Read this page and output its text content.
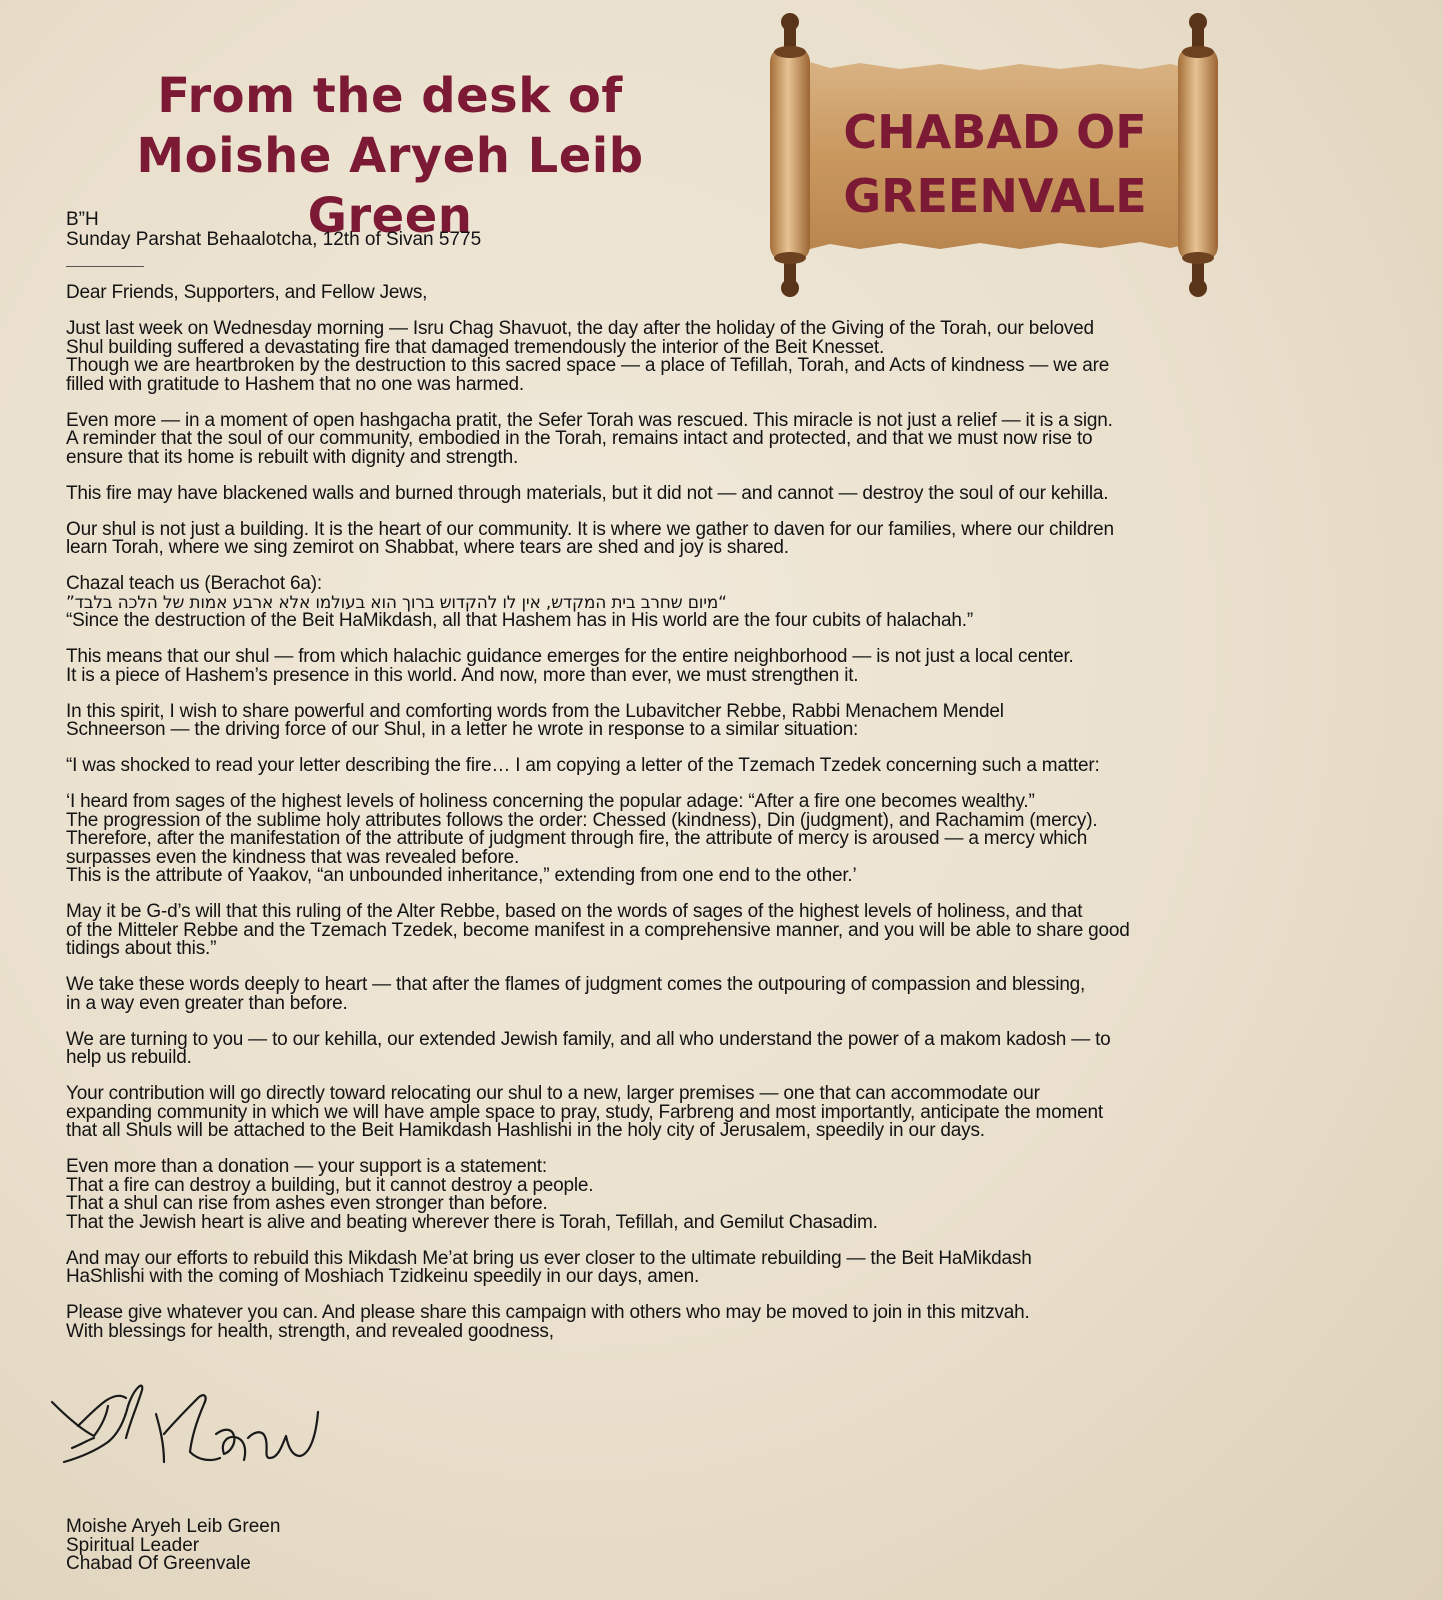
From the desk of
Moishe Aryeh Leib Green
CHABAD OF
GREENVALE
B”H
Sunday Parshat Behaalotcha, 12th of Sivan 5775

Dear Friends, Supporters, and Fellow Jews,

Just last week on Wednesday morning — Isru Chag Shavuot, the day after the holiday of the Giving of the Torah, our beloved
Shul building suffered a devastating fire that damaged tremendously the interior of the Beit Knesset.
Though we are heartbroken by the destruction to this sacred space — a place of Tefillah, Torah, and Acts of kindness — we are
filled with gratitude to Hashem that no one was harmed.

Even more — in a moment of open hashgacha pratit, the Sefer Torah was rescued. This miracle is not just a relief — it is a sign.
A reminder that the soul of our community, embodied in the Torah, remains intact and protected, and that we must now rise to
ensure that its home is rebuilt with dignity and strength.

This fire may have blackened walls and burned through materials, but it did not — and cannot — destroy the soul of our kehilla.

Our shul is not just a building. It is the heart of our community. It is where we gather to daven for our families, where our children
learn Torah, where we sing zemirot on Shabbat, where tears are shed and joy is shared.

Chazal teach us (Berachot 6a):
”מיום שחרב בית המקדש, אין לו להקדוש ברוך הוא בעולמו אלא ארבע אמות של הלכה בלבד“
“Since the destruction of the Beit HaMikdash, all that Hashem has in His world are the four cubits of halachah.”

This means that our shul — from which halachic guidance emerges for the entire neighborhood — is not just a local center.
It is a piece of Hashem’s presence in this world. And now, more than ever, we must strengthen it.

In this spirit, I wish to share powerful and comforting words from the Lubavitcher Rebbe, Rabbi Menachem Mendel
Schneerson — the driving force of our Shul, in a letter he wrote in response to a similar situation:

“I was shocked to read your letter describing the fire… I am copying a letter of the Tzemach Tzedek concerning such a matter:

‘I heard from sages of the highest levels of holiness concerning the popular adage: “After a fire one becomes wealthy.”
The progression of the sublime holy attributes follows the order: Chessed (kindness), Din (judgment), and Rachamim (mercy).
Therefore, after the manifestation of the attribute of judgment through fire, the attribute of mercy is aroused — a mercy which
surpasses even the kindness that was revealed before.
This is the attribute of Yaakov, “an unbounded inheritance,” extending from one end to the other.’

May it be G-d’s will that this ruling of the Alter Rebbe, based on the words of sages of the highest levels of holiness, and that
of the Mitteler Rebbe and the Tzemach Tzedek, become manifest in a comprehensive manner, and you will be able to share good
tidings about this.”

We take these words deeply to heart — that after the flames of judgment comes the outpouring of compassion and blessing,
in a way even greater than before.

We are turning to you — to our kehilla, our extended Jewish family, and all who understand the power of a makom kadosh — to
help us rebuild.

Your contribution will go directly toward relocating our shul to a new, larger premises — one that can accommodate our
expanding community in which we will have ample space to pray, study, Farbreng and most importantly, anticipate the moment
that all Shuls will be attached to the Beit Hamikdash Hashlishi in the holy city of Jerusalem, speedily in our days.

Even more than a donation — your support is a statement:
That a fire can destroy a building, but it cannot destroy a people.
That a shul can rise from ashes even stronger than before.
That the Jewish heart is alive and beating wherever there is Torah, Tefillah, and Gemilut Chasadim.

And may our efforts to rebuild this Mikdash Me’at bring us ever closer to the ultimate rebuilding — the Beit HaMikdash
HaShlishi with the coming of Moshiach Tzidkeinu speedily in our days, amen.

Please give whatever you can. And please share this campaign with others who may be moved to join in this mitzvah.
With blessings for health, strength, and revealed goodness,

Moishe Aryeh Leib Green
Spiritual Leader
Chabad Of Greenvale
